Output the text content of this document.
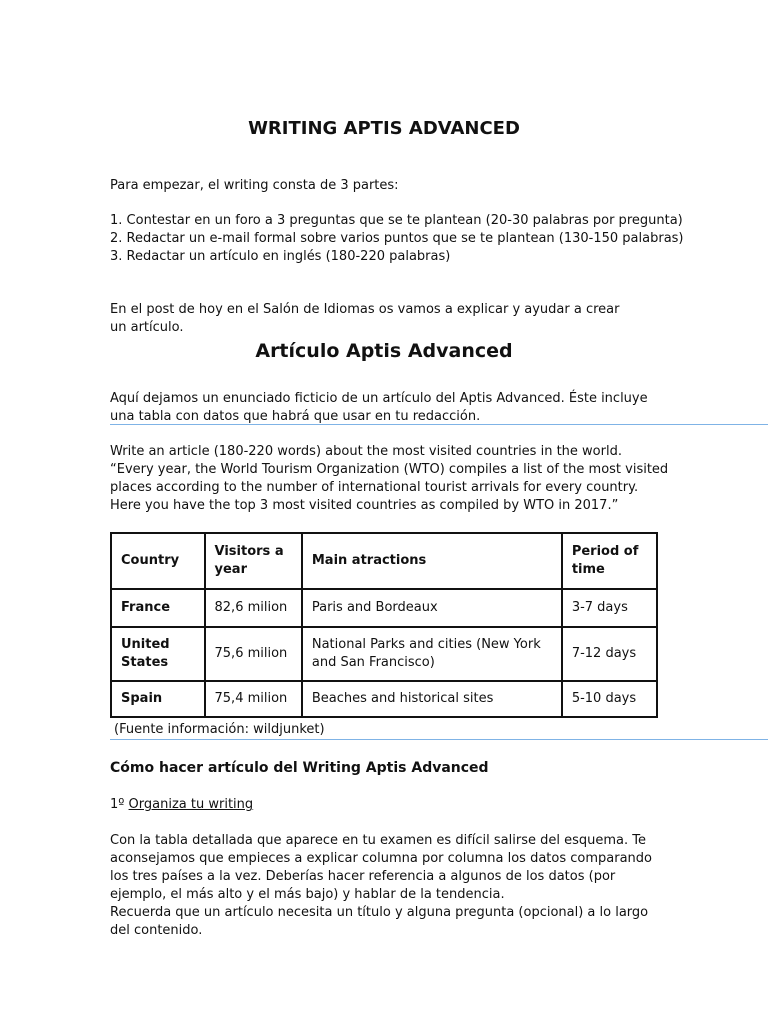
WRITING APTIS ADVANCED
Para empezar, el writing consta de 3 partes:
1. Contestar en un foro a 3 preguntas que se te plantean (20-30 palabras por pregunta)
2. Redactar un e-mail formal sobre varios puntos que se te plantean (130-150 palabras)
3. Redactar un artículo en inglés (180-220 palabras)
En el post de hoy en el Salón de Idiomas os vamos a explicar y ayudar a crear un artículo.
Artículo Aptis Advanced
Aquí dejamos un enunciado ficticio de un artículo del Aptis Advanced. Éste incluye una tabla con datos que habrá que usar en tu redacción.
Write an article (180-220 words) about the most visited countries in the world.
“Every year, the World Tourism Organization (WTO) compiles a list of the most visited places according to the number of international tourist arrivals for every country. Here you have the top 3 most visited countries as compiled by WTO in 2017.”
Country	Visitors a year	Main atractions	Period of time
France	82,6 milion	Paris and Bordeaux	3-7 days
United States	75,6 milion	National Parks and cities (New York and San Francisco)	7-12 days
Spain	75,4 milion	Beaches and historical sites	5-10 days
(Fuente información: wildjunket)
Cómo hacer artículo del Writing Aptis Advanced
1º Organiza tu writing
Con la tabla detallada que aparece en tu examen es difícil salirse del esquema. Te aconsejamos que empieces a explicar columna por columna los datos comparando los tres países a la vez. Deberías hacer referencia a algunos de los datos (por ejemplo, el más alto y el más bajo) y hablar de la tendencia.
Recuerda que un artículo necesita un título y alguna pregunta (opcional) a lo largo del contenido.
